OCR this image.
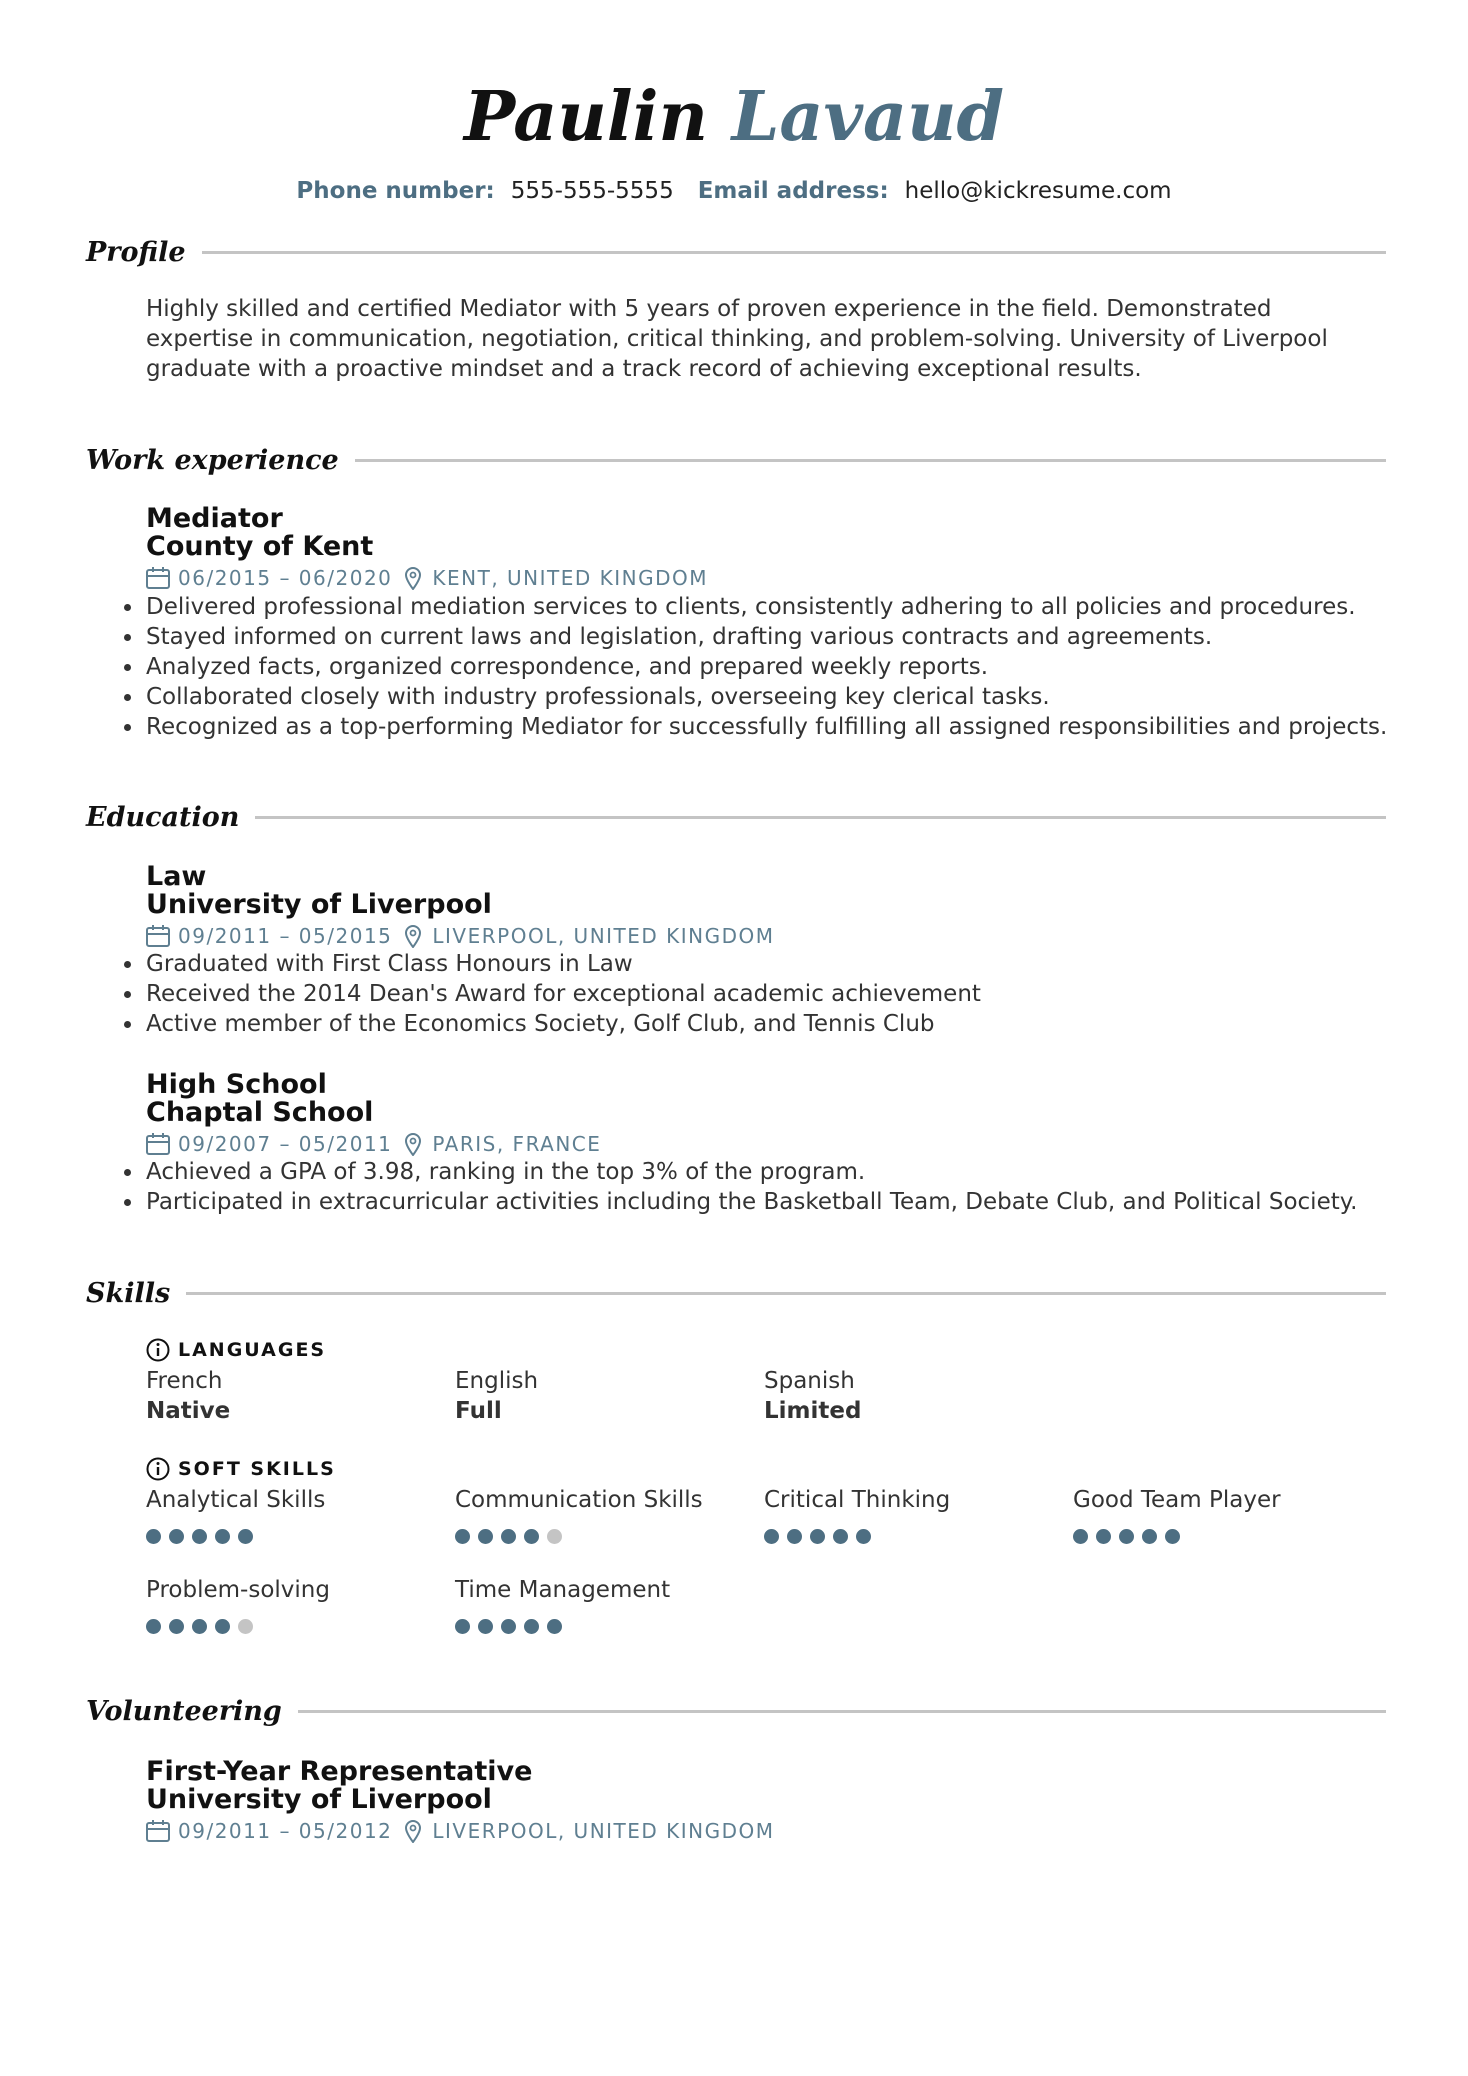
Paulin Lavaud
Phone number: 555-555-5555 Email address: hello@kickresume.com
Profile
Highly skilled and certified Mediator with 5 years of proven experience in the field. Demonstrated expertise in communication, negotiation, critical thinking, and problem-solving. University of Liverpool graduate with a proactive mindset and a track record of achieving exceptional results.
Work experience
Mediator
County of Kent
06/2015 – 06/2020 KENT, UNITED KINGDOM
Delivered professional mediation services to clients, consistently adhering to all policies and procedures.
Stayed informed on current laws and legislation, drafting various contracts and agreements.
Analyzed facts, organized correspondence, and prepared weekly reports.
Collaborated closely with industry professionals, overseeing key clerical tasks.
Recognized as a top-performing Mediator for successfully fulfilling all assigned responsibilities and projects.
Education
Law
University of Liverpool
09/2011 – 05/2015 LIVERPOOL, UNITED KINGDOM
Graduated with First Class Honours in Law
Received the 2014 Dean's Award for exceptional academic achievement
Active member of the Economics Society, Golf Club, and Tennis Club
High School
Chaptal School
09/2007 – 05/2011 PARIS, FRANCE
Achieved a GPA of 3.98, ranking in the top 3% of the program.
Participated in extracurricular activities including the Basketball Team, Debate Club, and Political Society.
Skills
LANGUAGES
French
Native
English
Full
Spanish
Limited
SOFT SKILLS
Analytical Skills	Communication Skills	Critical Thinking	Good Team Player
Problem-solving	Time Management
Volunteering
First-Year Representative
University of Liverpool
09/2011 – 05/2012 LIVERPOOL, UNITED KINGDOM
